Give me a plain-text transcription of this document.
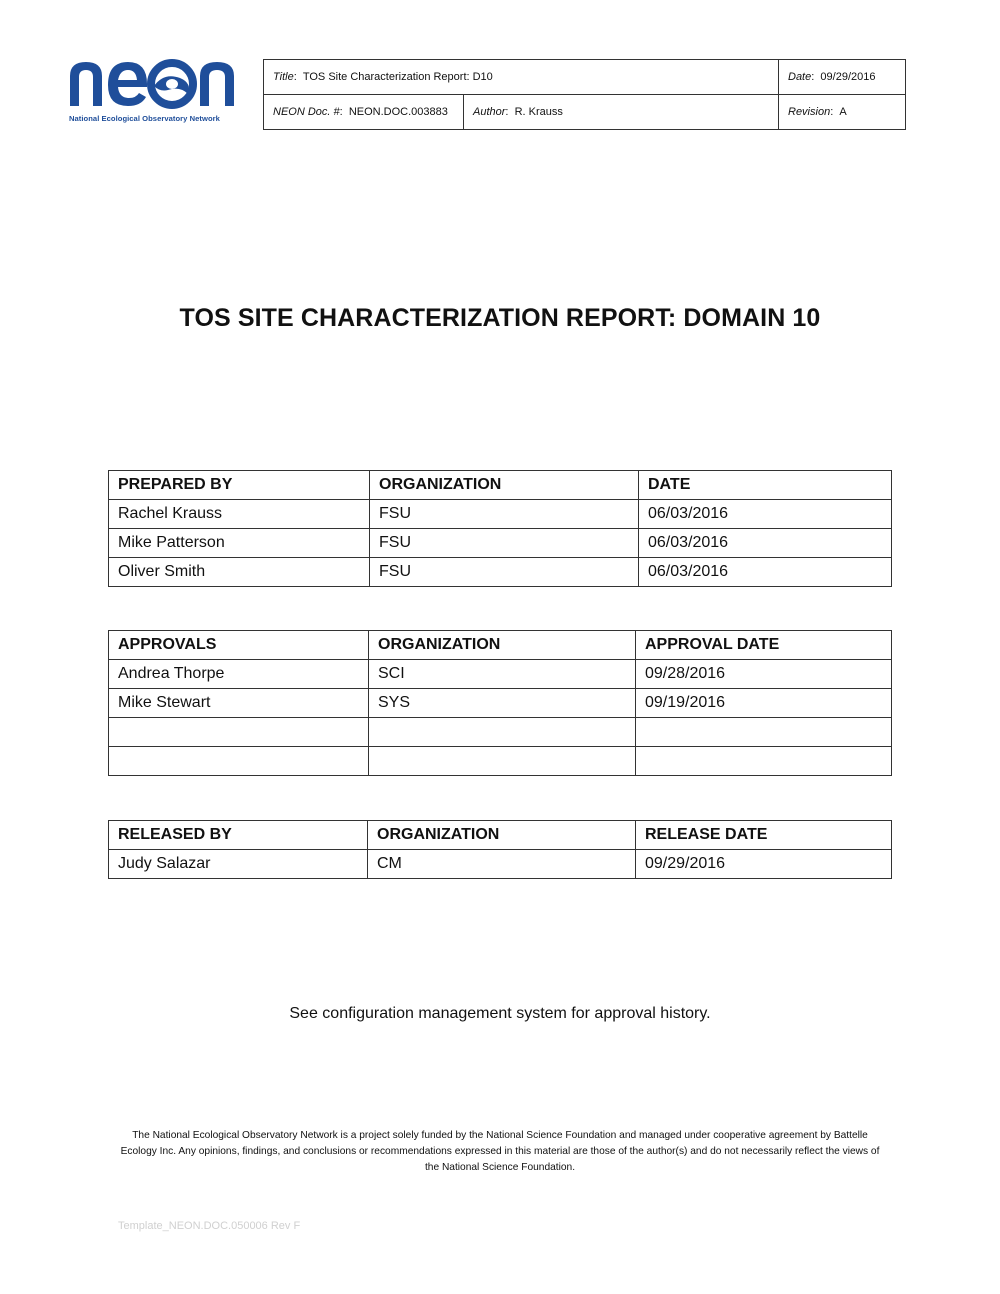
National Ecological Observatory Network
Title:  TOS Site Characterization Report: D10		Date:  09/29/2016
NEON Doc. #:  NEON.DOC.003883	Author:  R. Krauss	Revision:  A
TOS SITE CHARACTERIZATION REPORT: DOMAIN 10
PREPARED BY	ORGANIZATION	DATE
Rachel Krauss	FSU	06/03/2016
Mike Patterson	FSU	06/03/2016
Oliver Smith	FSU	06/03/2016
APPROVALS	ORGANIZATION	APPROVAL DATE
Andrea Thorpe	SCI	09/28/2016
Mike Stewart	SYS	09/19/2016

RELEASED BY	ORGANIZATION	RELEASE DATE
Judy Salazar	CM	09/29/2016
See configuration management system for approval history.
The National Ecological Observatory Network is a project solely funded by the National Science Foundation and managed under cooperative agreement by Battelle Ecology Inc. Any opinions, findings, and conclusions or recommendations expressed in this material are those of the author(s) and do not necessarily reflect the views of the National Science Foundation.
Template_NEON.DOC.050006 Rev F
